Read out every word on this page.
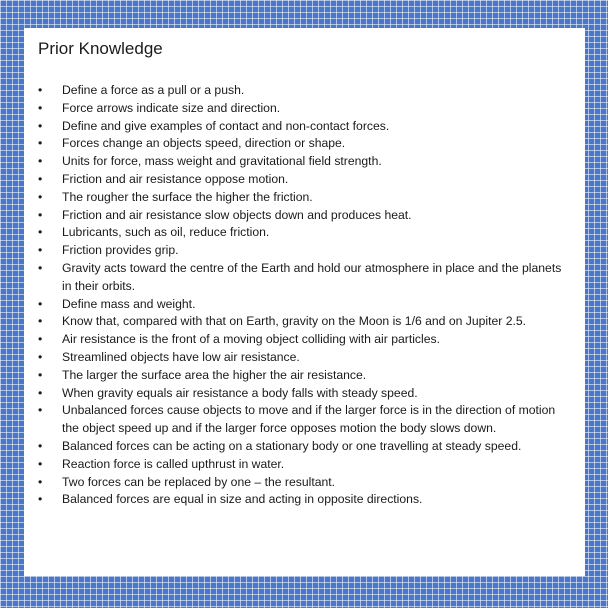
Prior Knowledge
•	Define a force as a pull or a push.
•	Force arrows indicate size and direction.
•	Define and give examples of contact and non-contact forces.
•	Forces change an objects speed, direction or shape.
•	Units for force, mass weight and gravitational field strength.
•	Friction and air resistance oppose motion.
•	The rougher the surface the higher the friction.
•	Friction and air resistance slow objects down and produces heat.
•	Lubricants, such as oil, reduce friction.
•	Friction provides grip.
•	Gravity acts toward the centre of the Earth and hold our atmosphere in place and the planets in their orbits.
•	Define mass and weight.
•	Know that, compared with that on Earth, gravity on the Moon is 1/6 and on Jupiter 2.5.
•	Air resistance is the front of a moving object colliding with air particles.
•	Streamlined objects have low air resistance.
•	The larger the surface area the higher the air resistance.
•	When gravity equals air resistance a body falls with steady speed.
•	Unbalanced forces cause objects to move and if the larger force is in the direction of motion the object speed up and if the larger force opposes motion the body slows down.
•	Balanced forces can be acting on a stationary body or one travelling at steady speed.
•	Reaction force is called upthrust in water.
•	Two forces can be replaced by one – the resultant.
•	Balanced forces are equal in size and acting in opposite directions.
